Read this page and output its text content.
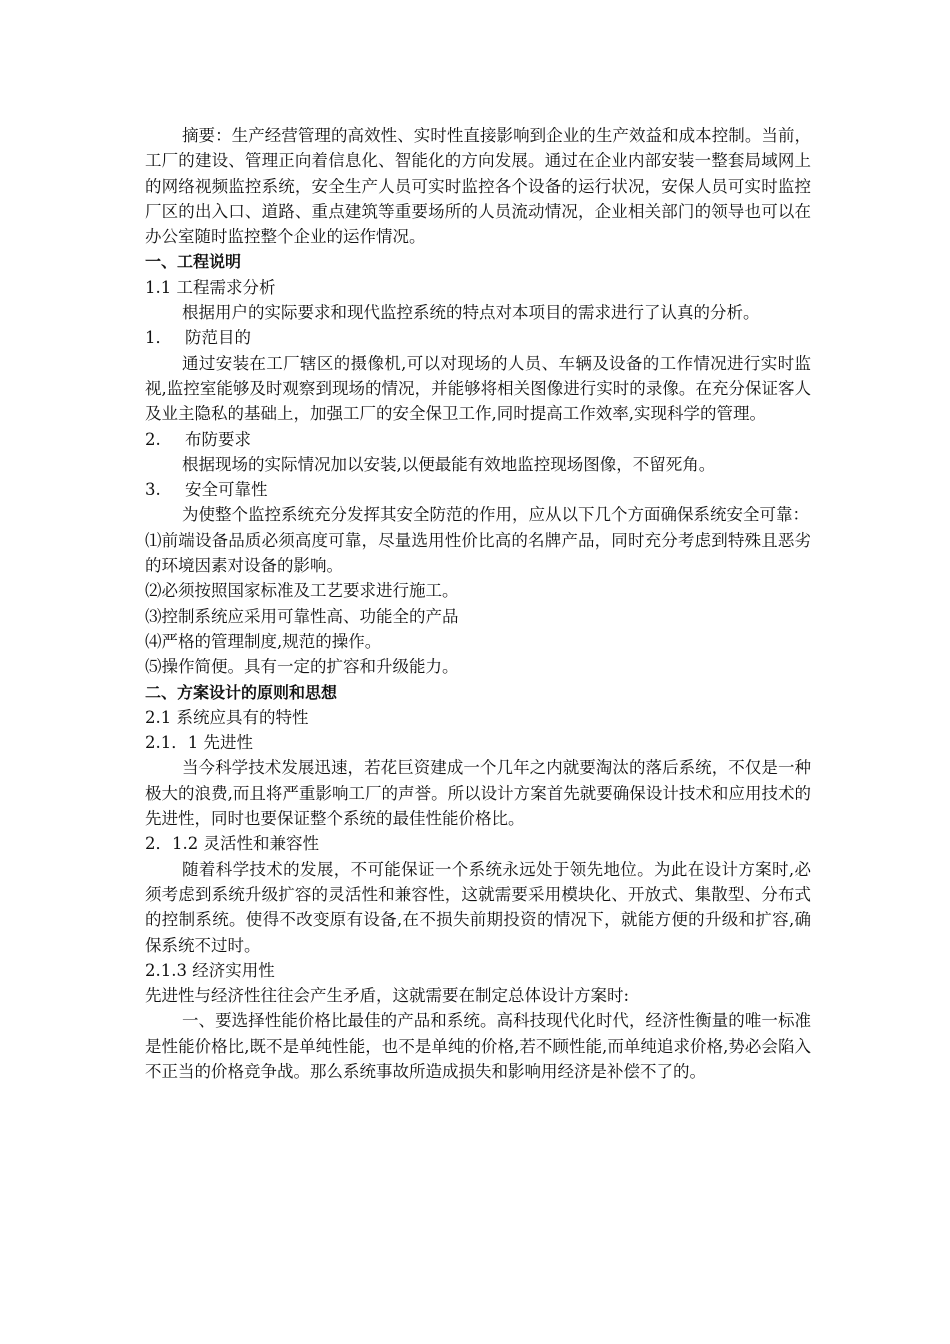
摘要：生产经营管理的高效性、实时性直接影响到企业的生产效益和成本控制。当前，工厂的建设、管理正向着信息化、智能化的方向发展。通过在企业内部安装一整套局域网上的网络视频监控系统，安全生产人员可实时监控各个设备的运行状况，安保人员可实时监控厂区的出入口、道路、重点建筑等重要场所的人员流动情况，企业相关部门的领导也可以在办公室随时监控整个企业的运作情况。

一、工程说明

1.1 工程需求分析

根据用户的实际要求和现代监控系统的特点对本项目的需求进行了认真的分析。

1． 防范目的

通过安装在工厂辖区的摄像机,可以对现场的人员、车辆及设备的工作情况进行实时监视,监控室能够及时观察到现场的情况，并能够将相关图像进行实时的录像。在充分保证客人及业主隐私的基础上，加强工厂的安全保卫工作,同时提高工作效率,实现科学的管理。

2. 布防要求

根据现场的实际情况加以安装,以便最能有效地监控现场图像，不留死角。

3. 安全可靠性

为使整个监控系统充分发挥其安全防范的作用，应从以下几个方面确保系统安全可靠：

⑴前端设备品质必须高度可靠，尽量选用性价比高的名牌产品，同时充分考虑到特殊且恶劣的环境因素对设备的影响。

⑵必须按照国家标准及工艺要求进行施工。

⑶控制系统应采用可靠性高、功能全的产品

⑷严格的管理制度,规范的操作。

⑸操作简便。具有一定的扩容和升级能力。

二、方案设计的原则和思想

2.1 系统应具有的特性

2.1．1 先进性

当今科学技术发展迅速，若花巨资建成一个几年之内就要淘汰的落后系统，不仅是一种极大的浪费,而且将严重影响工厂的声誉。所以设计方案首先就要确保设计技术和应用技术的先进性，同时也要保证整个系统的最佳性能价格比。

2．1.2 灵活性和兼容性

随着科学技术的发展，不可能保证一个系统永远处于领先地位。为此在设计方案时,必须考虑到系统升级扩容的灵活性和兼容性，这就需要采用模块化、开放式、集散型、分布式的控制系统。使得不改变原有设备,在不损失前期投资的情况下，就能方便的升级和扩容,确保系统不过时。

2.1.3 经济实用性

先进性与经济性往往会产生矛盾，这就需要在制定总体设计方案时:

一、要选择性能价格比最佳的产品和系统。高科技现代化时代，经济性衡量的唯一标准是性能价格比,既不是单纯性能，也不是单纯的价格,若不顾性能,而单纯追求价格,势必会陷入不正当的价格竞争战。那么系统事故所造成损失和影响用经济是补偿不了的。
